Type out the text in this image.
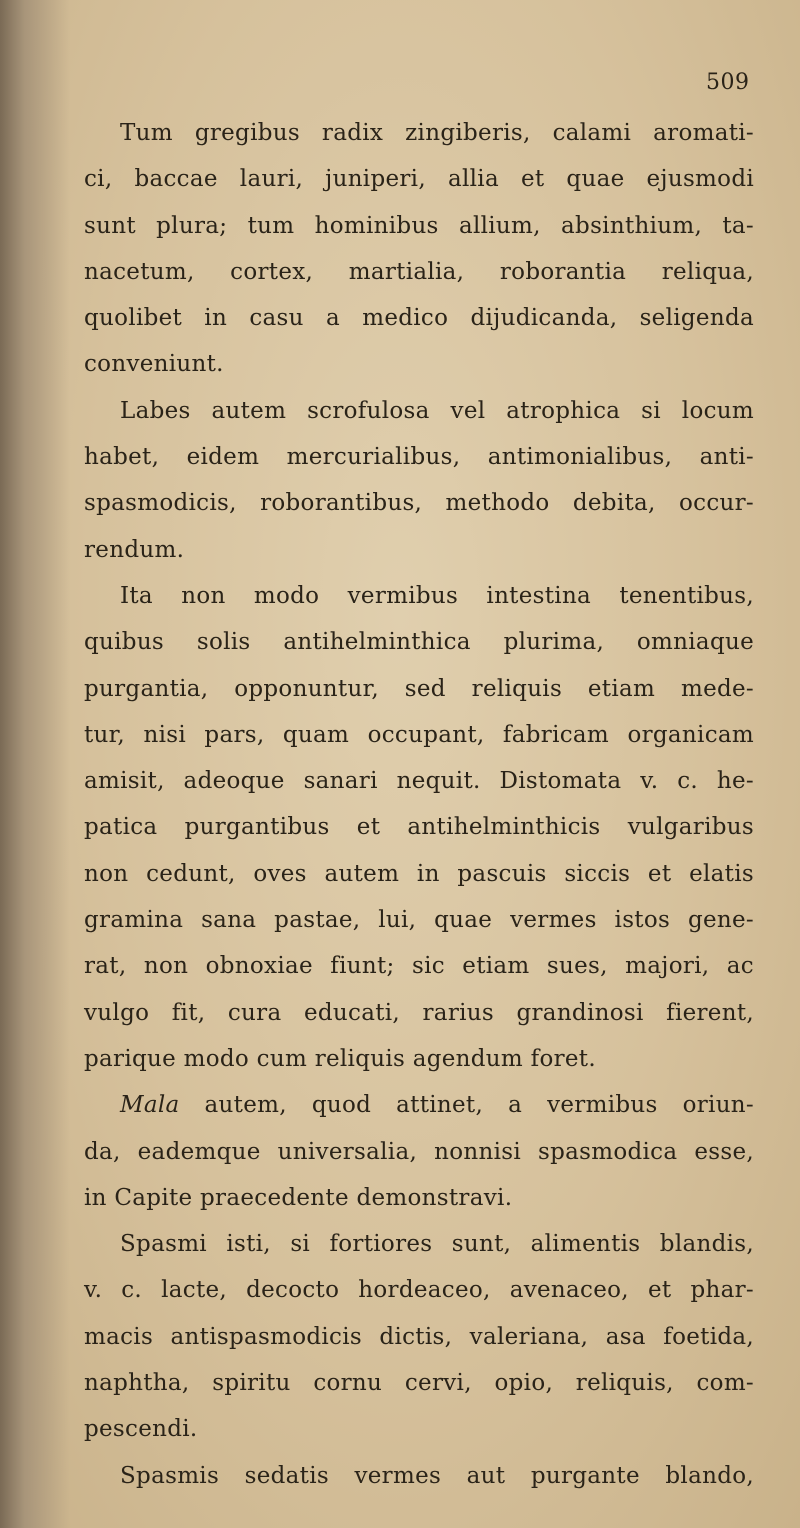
509
Tum gregibus radix zingiberis, calami aromati-
ci, baccae lauri, juniperi, allia et quae ejusmodi
sunt plura; tum hominibus allium, absinthium, ta-
nacetum, cortex, martialia, roborantia reliqua,
quolibet in casu a medico dijudicanda, seligenda
conveniunt.
Labes autem scrofulosa vel atrophica si locum
habet, eidem mercurialibus, antimonialibus, anti-
spasmodicis, roborantibus, methodo debita, occur-
rendum.
Ita non modo vermibus intestina tenentibus,
quibus solis antihelminthica plurima, omniaque
purgantia, opponuntur, sed reliquis etiam mede-
tur, nisi pars, quam occupant, fabricam organicam
amisit, adeoque sanari nequit. Distomata v. c. he-
patica purgantibus et antihelminthicis vulgaribus
non cedunt, oves autem in pascuis siccis et elatis
gramina sana pastae, lui, quae vermes istos gene-
rat, non obnoxiae fiunt; sic etiam sues, majori, ac
vulgo fit, cura educati, rarius grandinosi fierent,
parique modo cum reliquis agendum foret.
Mala autem, quod attinet, a vermibus oriun-
da, eademque universalia, nonnisi spasmodica esse,
in Capite praecedente demonstravi.
Spasmi isti, si fortiores sunt, alimentis blandis,
v. c. lacte, decocto hordeaceo, avenaceo, et phar-
macis antispasmodicis dictis, valeriana, asa foetida,
naphtha, spiritu cornu cervi, opio, reliquis, com-
pescendi.
Spasmis sedatis vermes aut purgante blando,
